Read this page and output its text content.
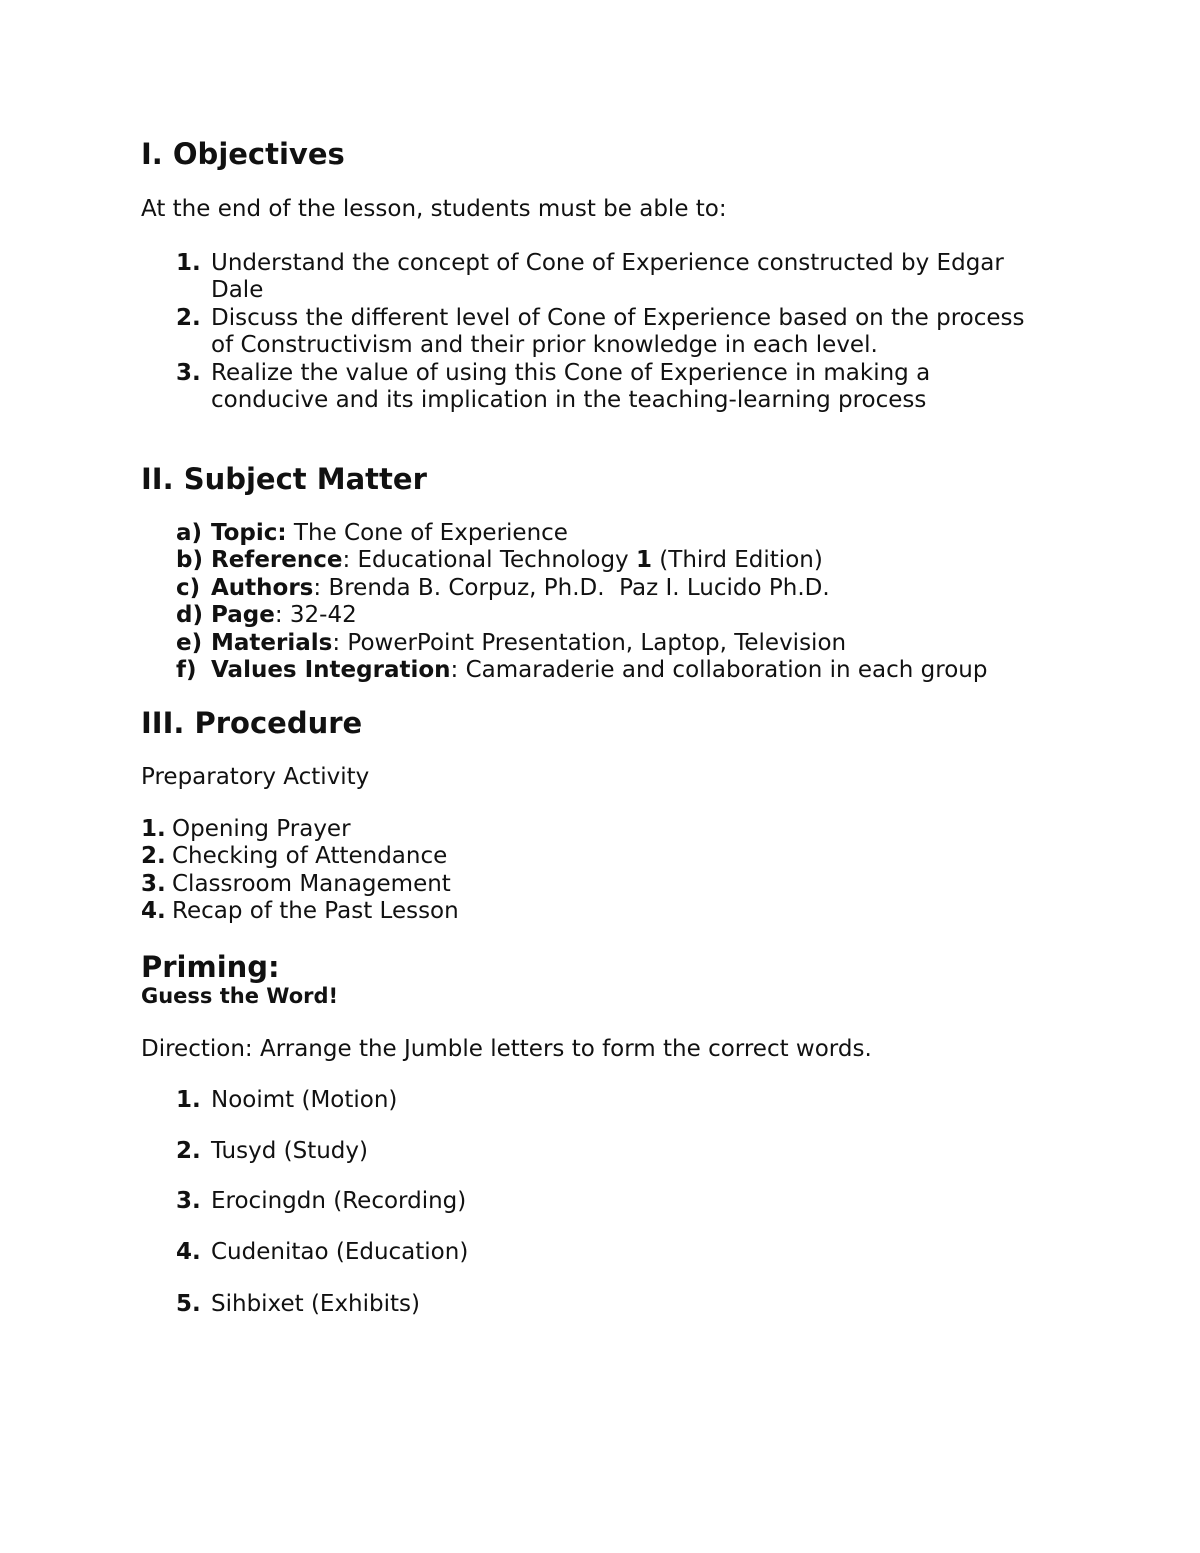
I. Objectives
At the end of the lesson, students must be able to:
1. Understand the concept of Cone of Experience constructed by Edgar
Dale
2. Discuss the different level of Cone of Experience based on the process
of Constructivism and their prior knowledge in each level.
3. Realize the value of using this Cone of Experience in making a
conducive and its implication in the teaching-learning process
II. Subject Matter
a) Topic: The Cone of Experience
b) Reference: Educational Technology 1 (Third Edition)
c) Authors: Brenda B. Corpuz, Ph.D.  Paz I. Lucido Ph.D.
d) Page: 32-42
e) Materials: PowerPoint Presentation, Laptop, Television
f) Values Integration: Camaraderie and collaboration in each group
III. Procedure
Preparatory Activity
1. Opening Prayer
2. Checking of Attendance
3. Classroom Management
4. Recap of the Past Lesson
Priming:
Guess the Word!
Direction: Arrange the Jumble letters to form the correct words.
1. Nooimt (Motion)
2. Tusyd (Study)
3. Erocingdn (Recording)
4. Cudenitao (Education)
5. Sihbixet (Exhibits)
